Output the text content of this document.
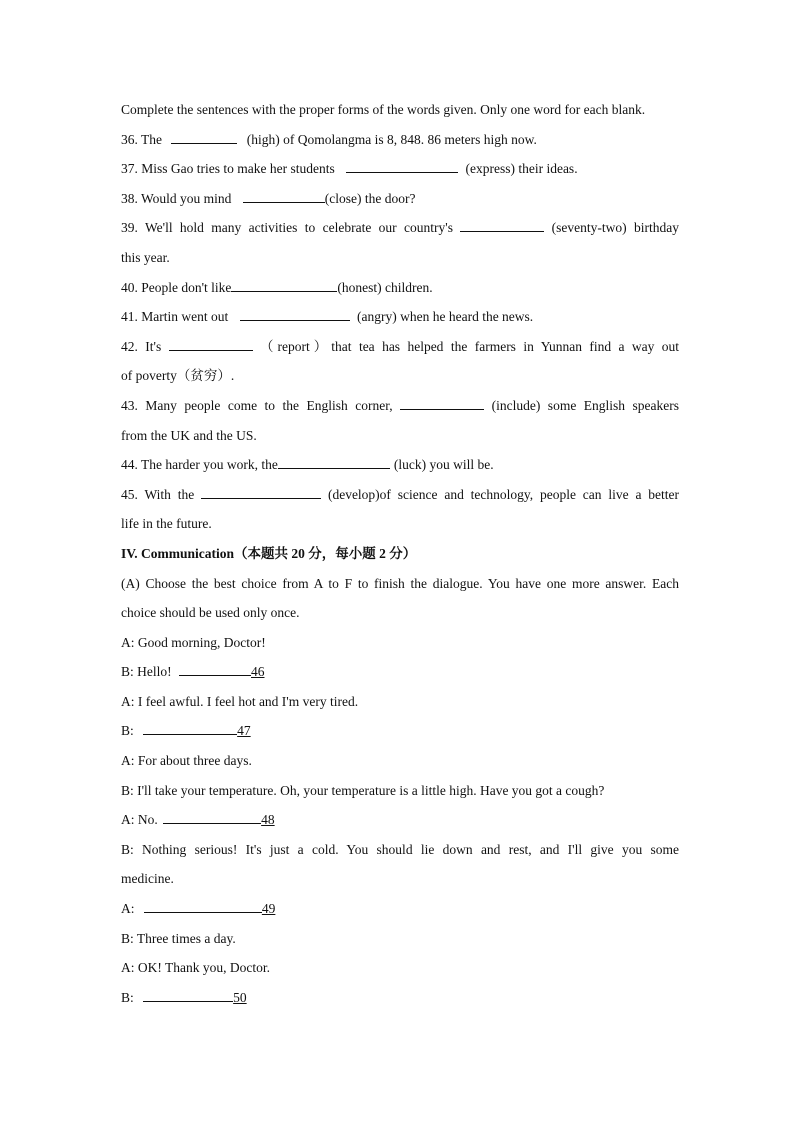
Complete the sentences with the proper forms of the words given. Only one word for each blank.
36. The	(high) of Qomolangma is 8, 848. 86 meters high now.
37. Miss Gao tries to make her students	(express) their ideas.
38. Would you mind	(close) the door?
39. We'll hold many activities to celebrate our country's	(seventy-two) birthday
this year.
40. People don't like	(honest) children.
41. Martin went out	(angry) when he heard the news.
42. It's	（report）that tea has helped the farmers in Yunnan find a way out
of poverty（贫穷）.
43. Many people come to the English corner,	(include) some English speakers
from the UK and the US.
44. The harder you work, the	(luck) you will be.
45. With the	(develop)of science and technology, people can live a better
life in the future.
IV. Communication（本题共 20 分，每小题 2 分）
(A) Choose the best choice from A to F to finish the dialogue. You have one more answer. Each
choice should be used only once.
A: Good morning, Doctor!
B: Hello!	46
A: I feel awful. I feel hot and I'm very tired.
B:	47
A: For about three days.
B: I'll take your temperature. Oh, your temperature is a little high. Have you got a cough?
A: No.	48
B: Nothing serious! It's just a cold. You should lie down and rest, and I'll give you some
medicine.
A:	49
B: Three times a day.
A: OK! Thank you, Doctor.
B:	50
